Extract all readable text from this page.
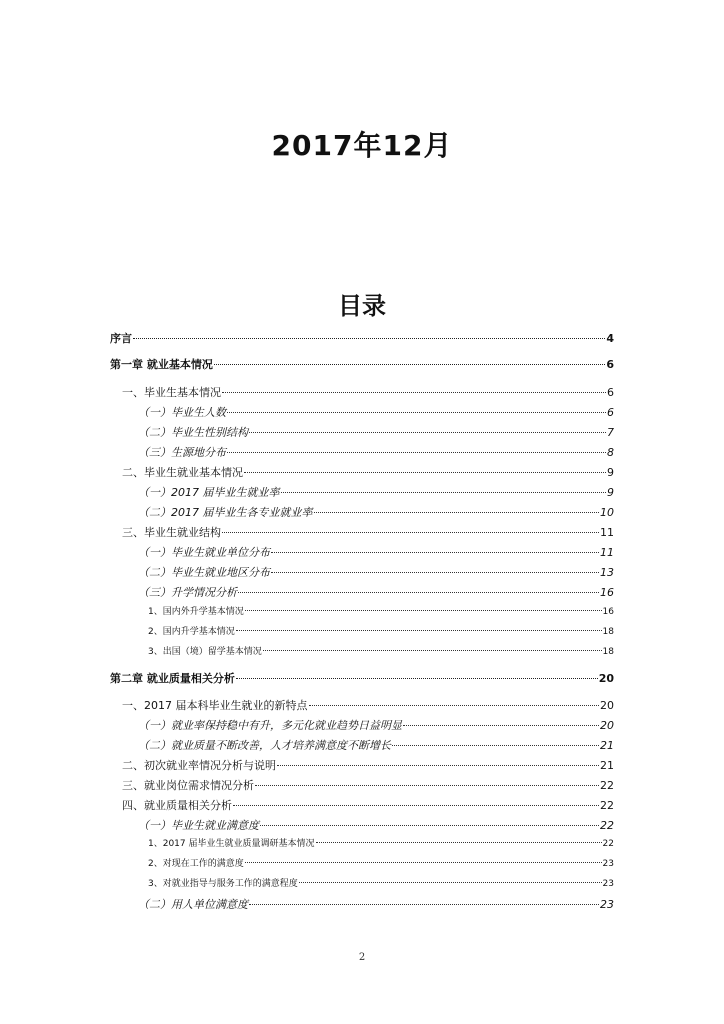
2017年12月
目录
序言	4
第一章 就业基本情况	6
一、毕业生基本情况	6
（一）毕业生人数	6
（二）毕业生性别结构	7
（三）生源地分布	8
二、毕业生就业基本情况	9
（一）2017 届毕业生就业率	9
（二）2017 届毕业生各专业就业率	10
三、毕业生就业结构	11
（一）毕业生就业单位分布	11
（二）毕业生就业地区分布	13
（三）升学情况分析	16
1、国内外升学基本情况	16
2、国内升学基本情况	18
3、出国（境）留学基本情况	18
第二章 就业质量相关分析	20
一、2017 届本科毕业生就业的新特点	20
（一）就业率保持稳中有升，多元化就业趋势日益明显	20
（二）就业质量不断改善，人才培养满意度不断增长	21
二、初次就业率情况分析与说明	21
三、就业岗位需求情况分析	22
四、就业质量相关分析	22
（一）毕业生就业满意度	22
1、2017 届毕业生就业质量调研基本情况	22
2、对现在工作的满意度	23
3、对就业指导与服务工作的满意程度	23
（二）用人单位满意度	23
2
